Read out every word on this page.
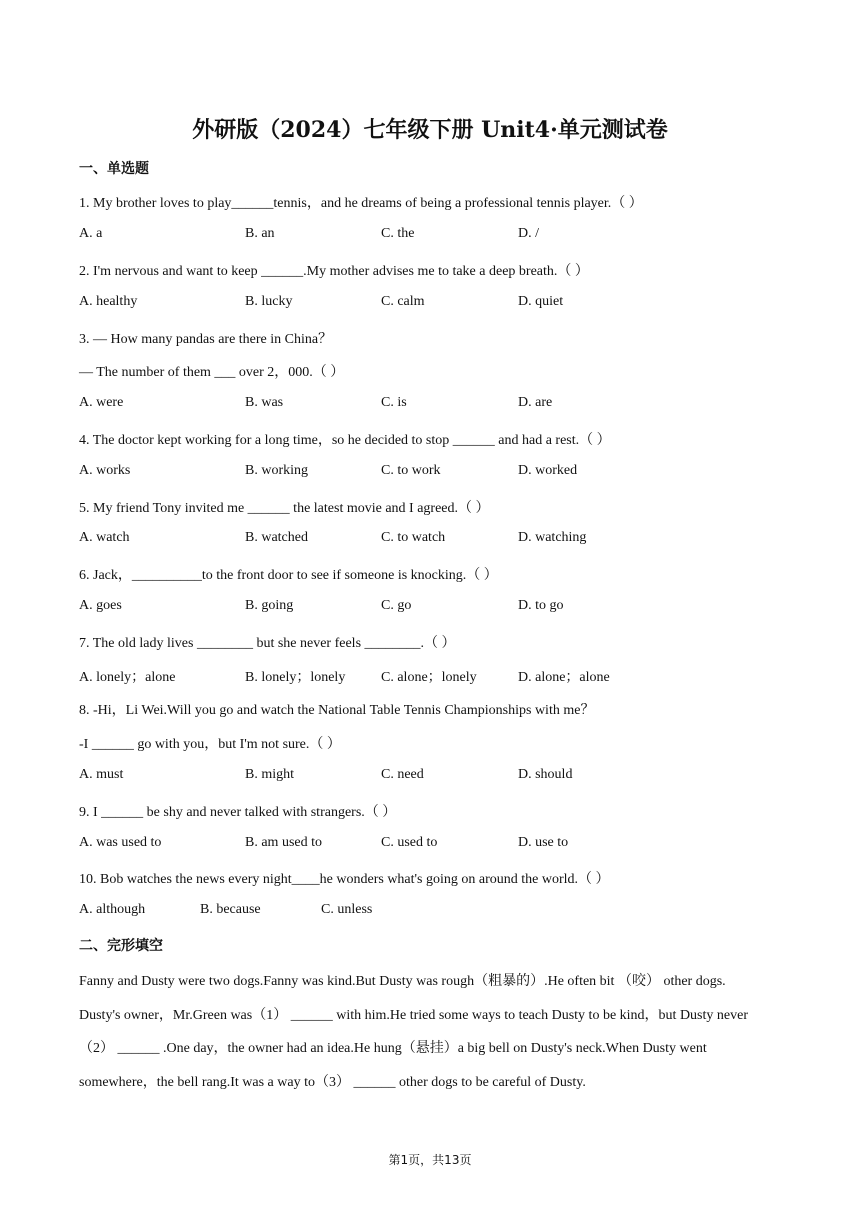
外研版（2024）七年级下册 Unit4·单元测试卷
一、单选题
1. My brother loves to play______tennis，and he dreams of being a professional tennis player.（ ）
A. a	B. an	C. the	D. /
2. I'm nervous and want to keep ______.My mother advises me to take a deep breath.（ ）
A. healthy	B. lucky	C. calm	D. quiet
3. — How many pandas are there in China？
— The number of them ___ over 2，000.（ ）
A. were	B. was	C. is	D. are
4. The doctor kept working for a long time，so he decided to stop ______ and had a rest.（ ）
A. works	B. working	C. to work	D. worked
5. My friend Tony invited me ______ the latest movie and I agreed.（ ）
A. watch	B. watched	C. to watch	D. watching
6. Jack，__________to the front door to see if someone is knocking.（ ）
A. goes	B. going	C. go	D. to go
7. The old lady lives ________ but she never feels ________.（ ）
A. lonely；alone	B. lonely；lonely	C. alone；lonely	D. alone；alone
8. -Hi，Li Wei.Will you go and watch the National Table Tennis Championships with me？
-I ______ go with you，but I'm not sure.（ ）
A. must	B. might	C. need	D. should
9. I ______ be shy and never talked with strangers.（ ）
A. was used to	B. am used to	C. used to	D. use to
10. Bob watches the news every night____he wonders what's going on around the world.（ ）
A. although	B. because	C. unless
二、完形填空
Fanny and Dusty were two dogs.Fanny was kind.But Dusty was rough（粗暴的）.He often bit （咬） other dogs.
Dusty's owner，Mr.Green was（1） ______ with him.He tried some ways to teach Dusty to be kind，but Dusty never
（2） ______ .One day，the owner had an idea.He hung（悬挂）a big bell on Dusty's neck.When Dusty went
somewhere，the bell rang.It was a way to（3） ______ other dogs to be careful of Dusty.
第1页，共13页
